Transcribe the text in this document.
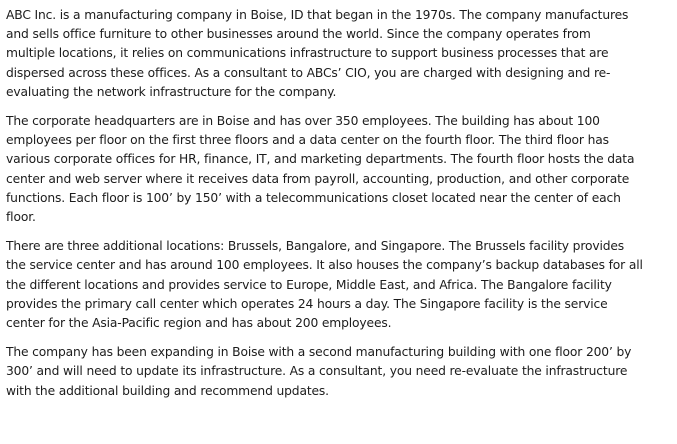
ABC Inc. is a manufacturing company in Boise, ID that began in the 1970s. The company manufactures
and sells office furniture to other businesses around the world. Since the company operates from
multiple locations, it relies on communications infrastructure to support business processes that are
dispersed across these offices. As a consultant to ABCs’ CIO, you are charged with designing and re-
evaluating the network infrastructure for the company.

The corporate headquarters are in Boise and has over 350 employees. The building has about 100
employees per floor on the first three floors and a data center on the fourth floor. The third floor has
various corporate offices for HR, finance, IT, and marketing departments. The fourth floor hosts the data
center and web server where it receives data from payroll, accounting, production, and other corporate
functions. Each floor is 100’ by 150’ with a telecommunications closet located near the center of each
floor.

There are three additional locations: Brussels, Bangalore, and Singapore. The Brussels facility provides
the service center and has around 100 employees. It also houses the company’s backup databases for all
the different locations and provides service to Europe, Middle East, and Africa. The Bangalore facility
provides the primary call center which operates 24 hours a day. The Singapore facility is the service
center for the Asia-Pacific region and has about 200 employees.

The company has been expanding in Boise with a second manufacturing building with one floor 200’ by
300’ and will need to update its infrastructure. As a consultant, you need re-evaluate the infrastructure
with the additional building and recommend updates.
